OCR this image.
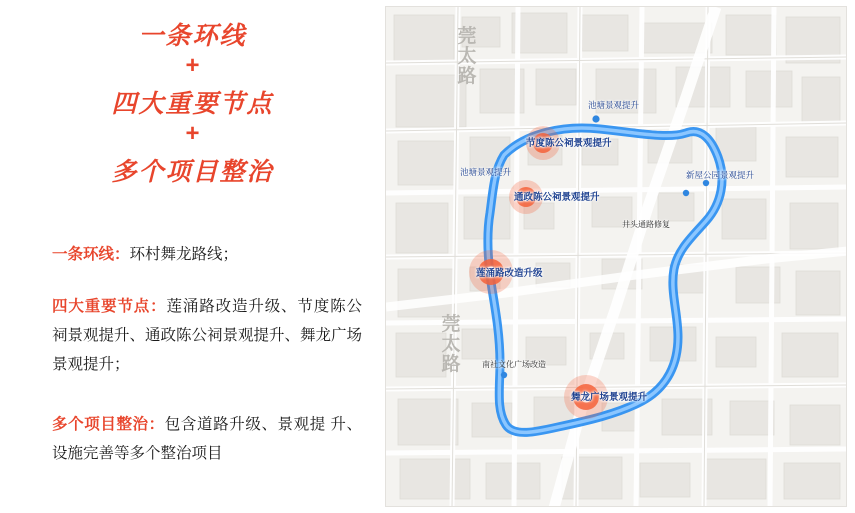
一条环线
+
四大重要节点
+
多个项目整治
一条环线：环村舞龙路线；
四大重要节点：莲涌路改造升级、节度陈公祠景观提升、通政陈公祠景观提升、舞龙广场景观提升；
多个项目整治：包含道路升级、景观提 升、设施完善等多个整治项目
莞太路
莞太路
节度陈公祠景观提升
通政陈公祠景观提升
莲涌路改造升级
舞龙广场景观提升
池塘景观提升
池塘景观提升	新屋公园景观提升
井头通路修复
南社文化广场改造
